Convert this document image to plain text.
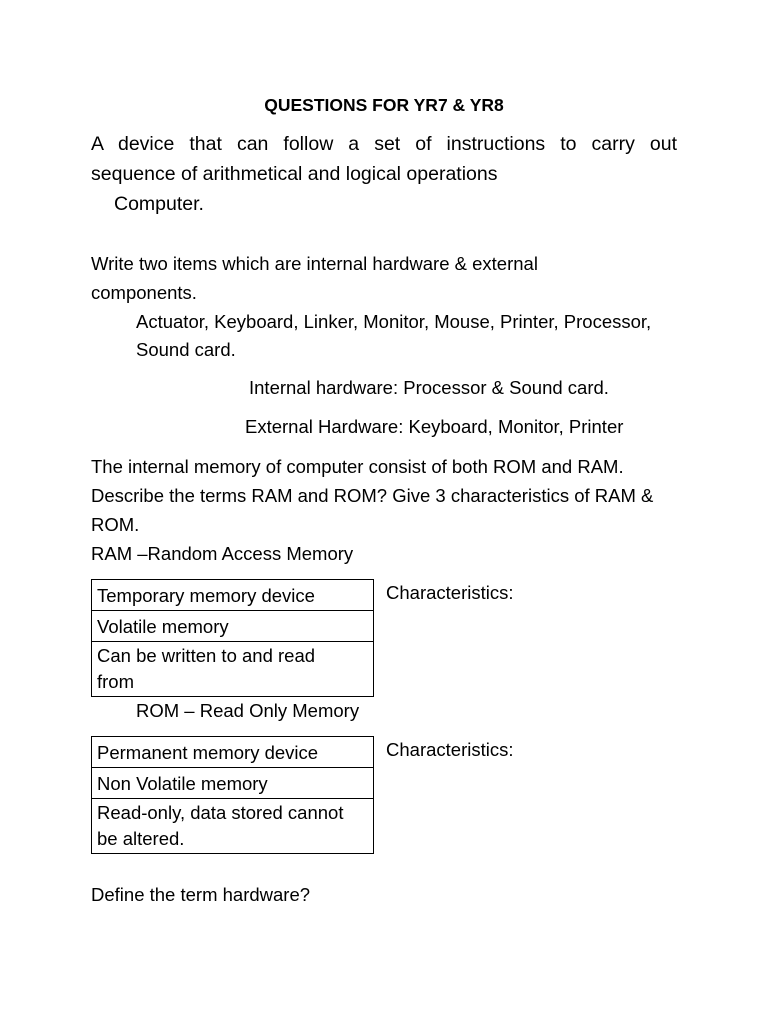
QUESTIONS FOR YR7 & YR8
A device that can follow a set of instructions to carry out
sequence of arithmetical and logical operations
Computer.
Write two items which are internal hardware & external
components.
Actuator, Keyboard, Linker, Monitor, Mouse, Printer, Processor,
Sound card.
Internal hardware: Processor & Sound card.
External Hardware: Keyboard, Monitor, Printer
The internal memory of computer consist of both ROM and RAM.
Describe the terms RAM and ROM? Give 3 characteristics of RAM &
ROM.
RAM –Random Access Memory
Temporary memory device
Volatile memory

Can be written to and read
from
Characteristics:
ROM – Read Only Memory
Permanent memory device
Non Volatile memory

Read-only, data stored cannot
be altered.
Characteristics:
Define the term hardware?
